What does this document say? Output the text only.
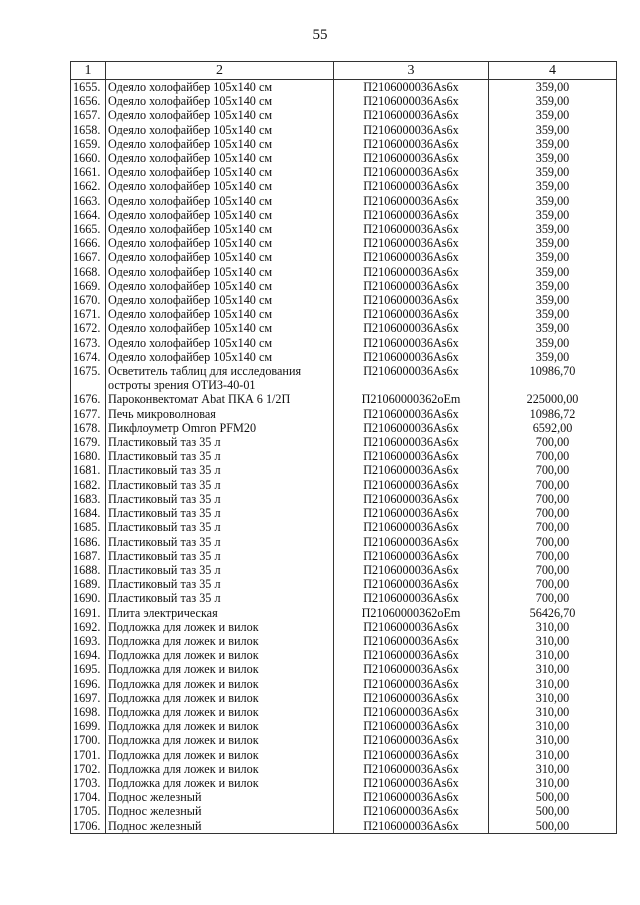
55
1	2	3	4
1655.	Одеяло холофайбер 105x140 см	П2106000036Аs6х	359,00
1656.	Одеяло холофайбер 105x140 см	П2106000036Аs6х	359,00
1657.	Одеяло холофайбер 105x140 см	П2106000036Аs6х	359,00
1658.	Одеяло холофайбер 105x140 см	П2106000036Аs6х	359,00
1659.	Одеяло холофайбер 105x140 см	П2106000036Аs6х	359,00
1660.	Одеяло холофайбер 105x140 см	П2106000036Аs6х	359,00
1661.	Одеяло холофайбер 105x140 см	П2106000036Аs6х	359,00
1662.	Одеяло холофайбер 105x140 см	П2106000036Аs6х	359,00
1663.	Одеяло холофайбер 105x140 см	П2106000036Аs6х	359,00
1664.	Одеяло холофайбер 105x140 см	П2106000036Аs6х	359,00
1665.	Одеяло холофайбер 105x140 см	П2106000036Аs6х	359,00
1666.	Одеяло холофайбер 105x140 см	П2106000036Аs6х	359,00
1667.	Одеяло холофайбер 105x140 см	П2106000036Аs6х	359,00
1668.	Одеяло холофайбер 105x140 см	П2106000036Аs6х	359,00
1669.	Одеяло холофайбер 105x140 см	П2106000036Аs6х	359,00
1670.	Одеяло холофайбер 105x140 см	П2106000036Аs6х	359,00
1671.	Одеяло холофайбер 105x140 см	П2106000036Аs6х	359,00
1672.	Одеяло холофайбер 105x140 см	П2106000036Аs6х	359,00
1673.	Одеяло холофайбер 105x140 см	П2106000036Аs6х	359,00
1674.	Одеяло холофайбер 105x140 см	П2106000036Аs6х	359,00
1675.	Осветитель таблиц для исследования остроты зрения ОТИЗ-40-01	П2106000036Аs6х	10986,70
1676.	Пароконвектомат Abat ПКА 6 1/2П	П21060000362оЕm	225000,00
1677.	Печь микроволновая	П2106000036Аs6х	10986,72
1678.	Пикфлоуметр Omron PFM20	П2106000036Аs6х	6592,00
1679.	Пластиковый таз 35 л	П2106000036Аs6х	700,00
1680.	Пластиковый таз 35 л	П2106000036Аs6х	700,00
1681.	Пластиковый таз 35 л	П2106000036Аs6х	700,00
1682.	Пластиковый таз 35 л	П2106000036Аs6х	700,00
1683.	Пластиковый таз 35 л	П2106000036Аs6х	700,00
1684.	Пластиковый таз 35 л	П2106000036Аs6х	700,00
1685.	Пластиковый таз 35 л	П2106000036Аs6х	700,00
1686.	Пластиковый таз 35 л	П2106000036Аs6х	700,00
1687.	Пластиковый таз 35 л	П2106000036Аs6х	700,00
1688.	Пластиковый таз 35 л	П2106000036Аs6х	700,00
1689.	Пластиковый таз 35 л	П2106000036Аs6х	700,00
1690.	Пластиковый таз 35 л	П2106000036Аs6х	700,00
1691.	Плита электрическая	П21060000362оЕm	56426,70
1692.	Подложка для ложек и вилок	П2106000036Аs6х	310,00
1693.	Подложка для ложек и вилок	П2106000036Аs6х	310,00
1694.	Подложка для ложек и вилок	П2106000036Аs6х	310,00
1695.	Подложка для ложек и вилок	П2106000036Аs6х	310,00
1696.	Подложка для ложек и вилок	П2106000036Аs6х	310,00
1697.	Подложка для ложек и вилок	П2106000036Аs6х	310,00
1698.	Подложка для ложек и вилок	П2106000036Аs6х	310,00
1699.	Подложка для ложек и вилок	П2106000036Аs6х	310,00
1700.	Подложка для ложек и вилок	П2106000036Аs6х	310,00
1701.	Подложка для ложек и вилок	П2106000036Аs6х	310,00
1702.	Подложка для ложек и вилок	П2106000036Аs6х	310,00
1703.	Подложка для ложек и вилок	П2106000036Аs6х	310,00
1704.	Поднос железный	П2106000036Аs6х	500,00
1705.	Поднос железный	П2106000036Аs6х	500,00
1706.	Поднос железный	П2106000036Аs6х	500,00
